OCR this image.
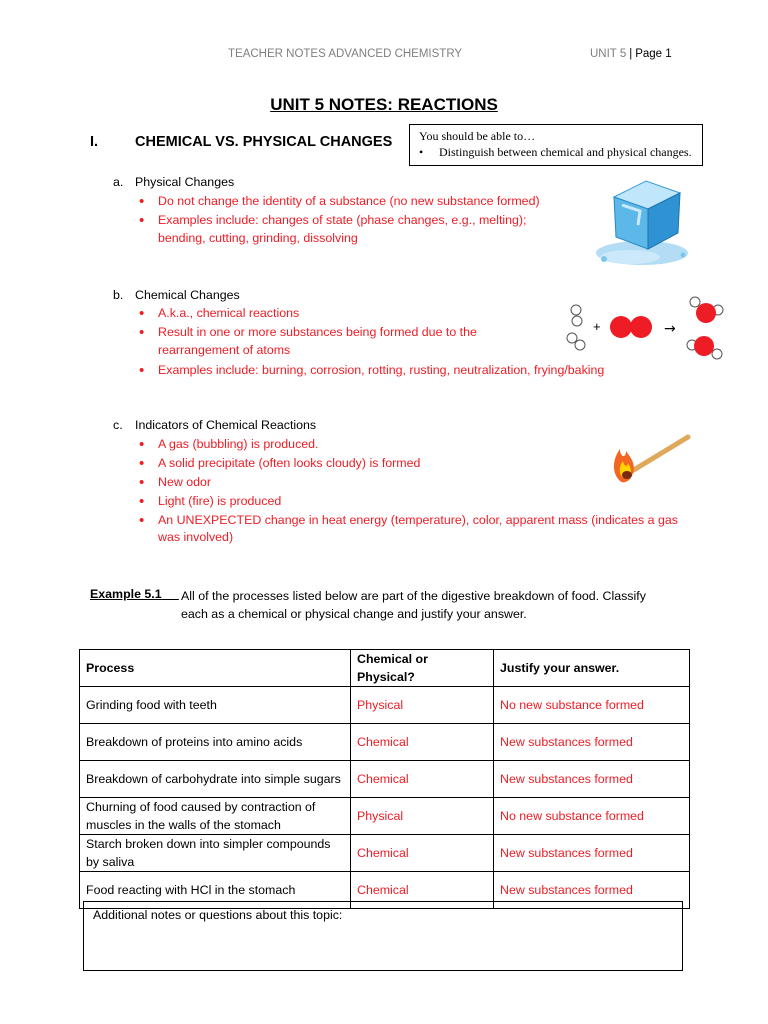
TEACHER NOTES ADVANCED CHEMISTRY	UNIT 5 | Page 1
UNIT 5 NOTES: REACTIONS
I.	CHEMICAL VS. PHYSICAL CHANGES You should be able to…
• Distinguish between chemical and physical changes.
a. Physical Changes
• Do not change the identity of a substance (no new substance formed)
• Examples include: changes of state (phase changes, e.g., melting);
bending, cutting, grinding, dissolving
b. Chemical Changes
• A.k.a., chemical reactions
• Result in one or more substances being formed due to the
rearrangement of atoms
• Examples include: burning, corrosion, rotting, rusting, neutralization, frying/baking
+	→
c. Indicators of Chemical Reactions
• A gas (bubbling) is produced.
• A solid precipitate (often looks cloudy) is formed
• New odor
• Light (fire) is produced
• An UNEXPECTED change in heat energy (temperature), color, apparent mass (indicates a gas
was involved)
Example 5.1	All of the processes listed below are part of the digestive breakdown of food. Classify
each as a chemical or physical change and justify your answer.
Process	Chemical or Physical?	Justify your answer.
Grinding food with teeth	Physical	No new substance formed
Breakdown of proteins into amino acids	Chemical	New substances formed
Breakdown of carbohydrate into simple sugars	Chemical	New substances formed
Churning of food caused by contraction of muscles in the walls of the stomach	Physical	No new substance formed
Starch broken down into simpler compounds by saliva	Chemical	New substances formed
Food reacting with HCl in the stomach	Chemical	New substances formed
Additional notes or questions about this topic:
